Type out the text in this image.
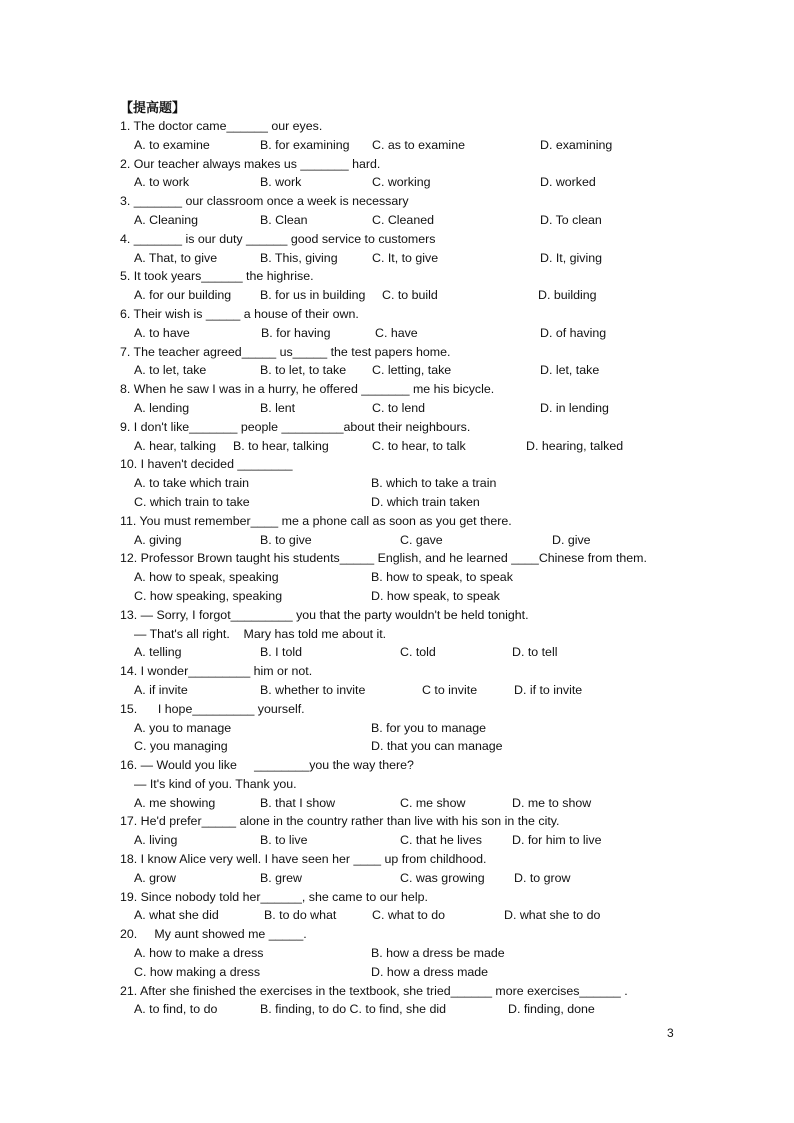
【提高题】
1. The doctor came______ our eyes.
A. to examine	B. for examining C. as to examine	D. examining
2. Our teacher always makes us _______ hard.
A. to work	B. work	C. working	D. worked
3. _______ our classroom once a week is necessary
A. Cleaning	B. Clean	C. Cleaned	D. To clean
4. _______ is our duty ______ good service to customers
A. That, to give	B. This, giving	C. It, to give	D. It, giving
5. It took years______ the highrise.
A. for our building B. for us in building C. to build	D. building
6. Their wish is _____ a house of their own.
A. to have	B. for having	C. have	D. of having
7. The teacher agreed_____ us_____ the test papers home.
A. to let, take	B. to let, to take C. letting, take	D. let, take
8. When he saw I was in a hurry, he offered _______ me his bicycle.
A. lending	B. lent	C. to lend	D. in lending
9. I don't like_______ people _________about their neighbours.
A. hear, talking B. to hear, talking	C. to hear, to talk	D. hearing, talked
10. I haven't decided ________
A. to take which train	B. which to take a train
C. which train to take	D. which train taken
11. You must remember____ me a phone call as soon as you get there.
A. giving	B. to give	C. gave	D. give
12. Professor Brown taught his students_____ English, and he learned ____Chinese from them.
A. how to speak, speaking	B. how to speak, to speak
C. how speaking, speaking	D. how speak, to speak
13. — Sorry, I forgot_________ you that the party wouldn't be held tonight.
— That's all right.    Mary has told me about it.
A. telling	B. I told	C. told	D. to tell
14. I wonder_________ him or not.
A. if invite	B. whether to invite	C to invite	D. if to invite
15.      I hope_________ yourself.
A. you to manage	B. for you to manage
C. you managing	D. that you can manage
16. — Would you like     ________you the way there?
— It's kind of you. Thank you.
A. me showing	B. that I show	C. me show	D. me to show
17. He'd prefer_____ alone in the country rather than live with his son in the city.
A. living	B. to live	C. that he lives D. for him to live
18. I know Alice very well. I have seen her ____ up from childhood.
A. grow	B. grew	C. was growing D. to grow
19. Since nobody told her______, she came to our help.
A. what she did	B. to do what	C. what to do	D. what she to do
20.     My aunt showed me _____.
A. how to make a dress	B. how a dress be made
C. how making a dress	D. how a dress made
21. After she finished the exercises in the textbook, she tried______ more exercises______ .
A. to find, to do	B. finding, to do C. to find, she did	D. finding, done
3
